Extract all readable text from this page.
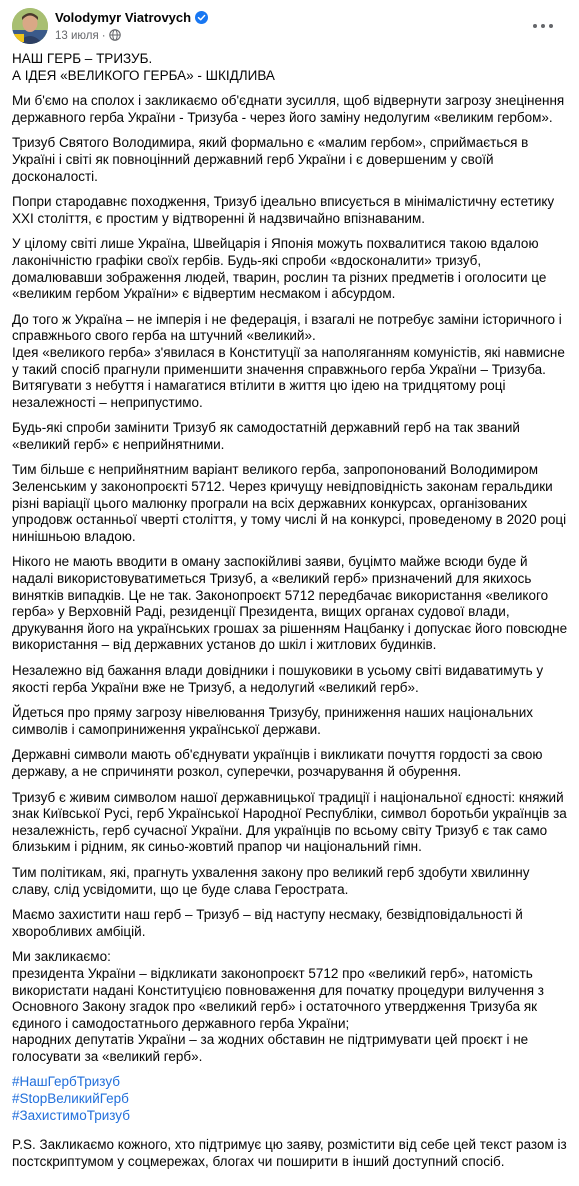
Volodymyr Viatrovych
13 июля ·
НАШ ГЕРБ – ТРИЗУБ.
А ІДЕЯ «ВЕЛИКОГО ГЕРБА» - ШКІДЛИВА
Ми б'ємо на сполох і закликаємо об'єднати зусилля, щоб відвернути загрозу знецінення державного герба України - Тризуба - через його заміну недолугим «великим гербом».
Тризуб Святого Володимира, який формально є «малим гербом», сприймається в Україні і світі як повноцінний державний герб України і є довершеним у своїй досконалості.
Попри стародавнє походження, Тризуб ідеально вписується в мінімалістичну естетику XXI століття, є простим у відтворенні й надзвичайно впізнаваним.
У цілому світі лише Україна, Швейцарія і Японія можуть похвалитися такою вдалою лаконічністю графіки своїх гербів. Будь-які спроби «вдосконалити» тризуб, домалювавши зображення людей, тварин, рослин та різних предметів і оголосити це «великим гербом України» є відвертим несмаком і абсурдом.
До того ж Україна – не імперія і не федерація, і взагалі не потребує заміни історичного і справжнього свого герба на штучний «великий».
Ідея «великого герба» з'явилася в Конституції за наполяганням комуністів, які навмисне у такий спосіб прагнули применшити значення справжнього герба України – Тризуба. Витягувати з небуття і намагатися втілити в життя цю ідею на тридцятому році незалежності – неприпустимо.
Будь-які спроби замінити Тризуб як самодостатній державний герб на так званий «великий герб» є неприйнятними.
Тим більше є неприйнятним варіант великого герба, запропонований Володимиром Зеленським у законопроєкті 5712. Через кричущу невідповідність законам геральдики різні варіації цього малюнку програли на всіх державних конкурсах, організованих упродовж останньої чверті століття, у тому числі й на конкурсі, проведеному в 2020 році нинішньою владою.
Нікого не мають вводити в оману заспокійливі заяви, буцімто майже всюди буде й надалі використовуватиметься Тризуб, а «великий герб» призначений для якихось винятків випадків. Це не так. Законопроєкт 5712 передбачає використання «великого герба» у Верховній Раді, резиденції Президента, вищих органах судової влади, друкування його на українських грошах за рішенням Нацбанку і допускає його повсюдне використання – від державних установ до шкіл і житлових будинків.
Незалежно від бажання влади довідники і пошуковики в усьому світі видаватимуть у якості герба України вже не Тризуб, а недолугий «великий герб».
Йдеться про пряму загрозу нівелювання Тризубу, приниження наших національних символів і самоприниження української держави.
Державні символи мають об'єднувати українців і викликати почуття гордості за свою державу, а не спричиняти розкол, суперечки, розчарування й обурення.
Тризуб є живим символом нашої державницької традиції і національної єдності: княжий знак Київської Русі, герб Української Народної Республіки, символ боротьби українців за незалежність, герб сучасної України. Для українців по всьому світу Тризуб є так само близьким і рідним, як синьо-жовтий прапор чи національний гімн.
Тим політикам, які, прагнуть ухвалення закону про великий герб здобути хвилинну славу, слід усвідомити, що це буде слава Герострата.
Маємо захистити наш герб – Тризуб – від наступу несмаку, безвідповідальності й хворобливих амбіцій.
Ми закликаємо:
президента України – відкликати законопроєкт 5712 про «великий герб», натомість використати надані Конституцією повноваження для початку процедури вилучення з Основного Закону згадок про «великий герб» і остаточного утвердження Тризуба як єдиного і самодостатнього державного герба України;
народних депутатів України – за жодних обставин не підтримувати цей проєкт і не голосувати за «великий герб».
#НашГербТризуб
#StopВеликийГерб
#ЗахистимоТризуб
P.S. Закликаємо кожного, хто підтримує цю заяву, розмістити від себе цей текст разом із постскриптумом у соцмережах, блогах чи поширити в інший доступний спосіб.
